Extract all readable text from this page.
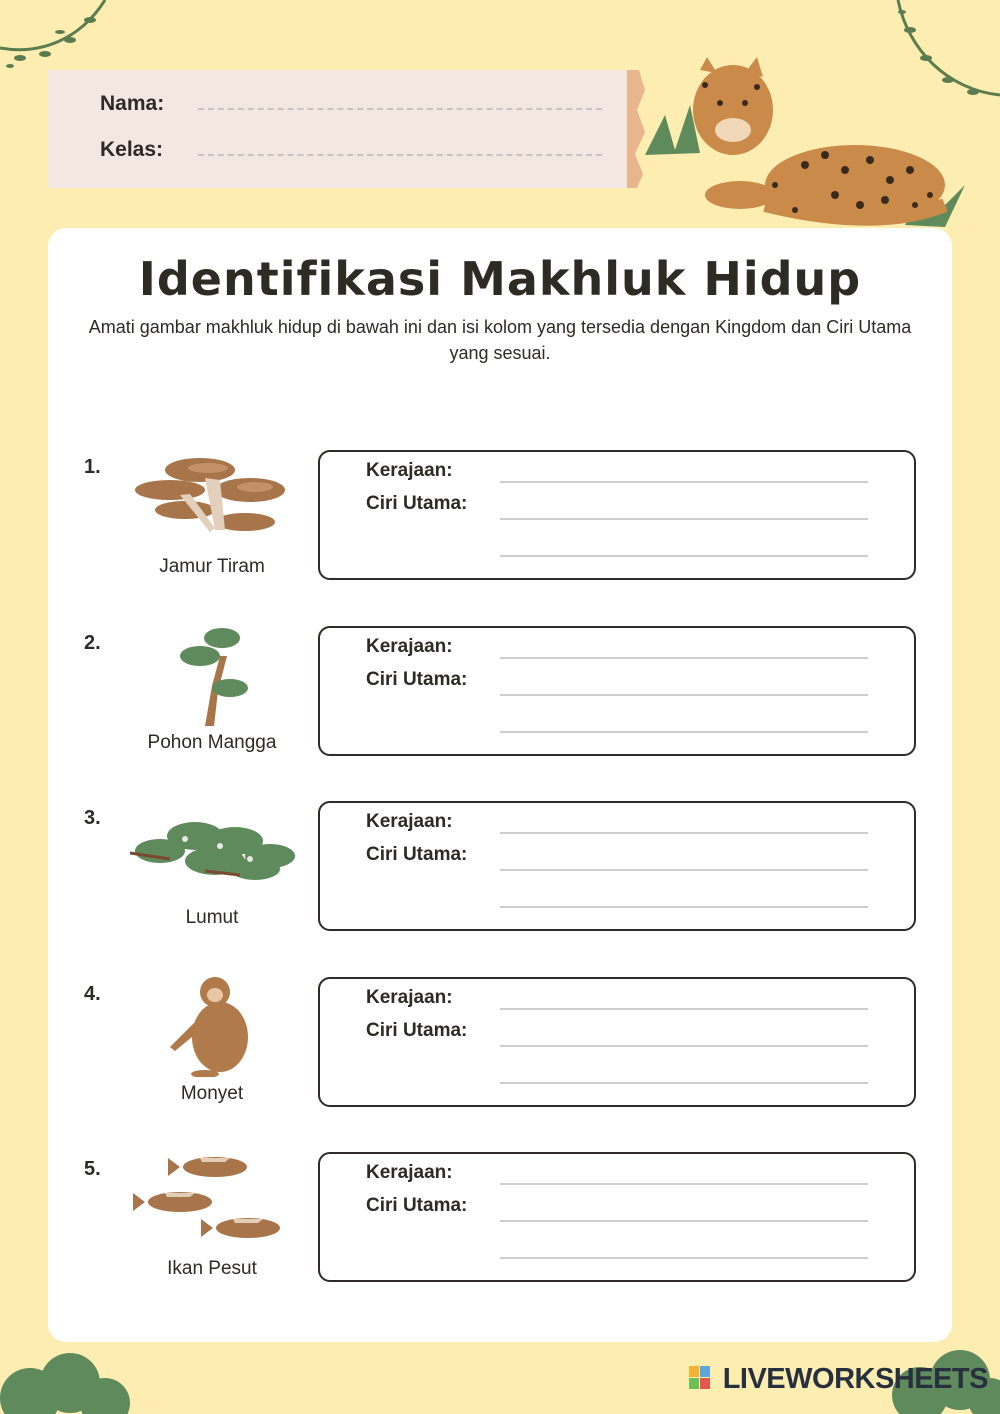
Nama:
Kelas:
Identifikasi Makhluk Hidup
Amati gambar makhluk hidup di bawah ini dan isi kolom yang tersedia dengan Kingdom dan Ciri Utama yang sesuai.
1.
Jamur Tiram
Kerajaan:
Ciri Utama:
2.
Pohon Mangga
Kerajaan:
Ciri Utama:
3.
Lumut
Kerajaan:
Ciri Utama:
4.
Monyet
Kerajaan:
Ciri Utama:
5.
Ikan Pesut
Kerajaan:
Ciri Utama:
LIVEWORKSHEETS
